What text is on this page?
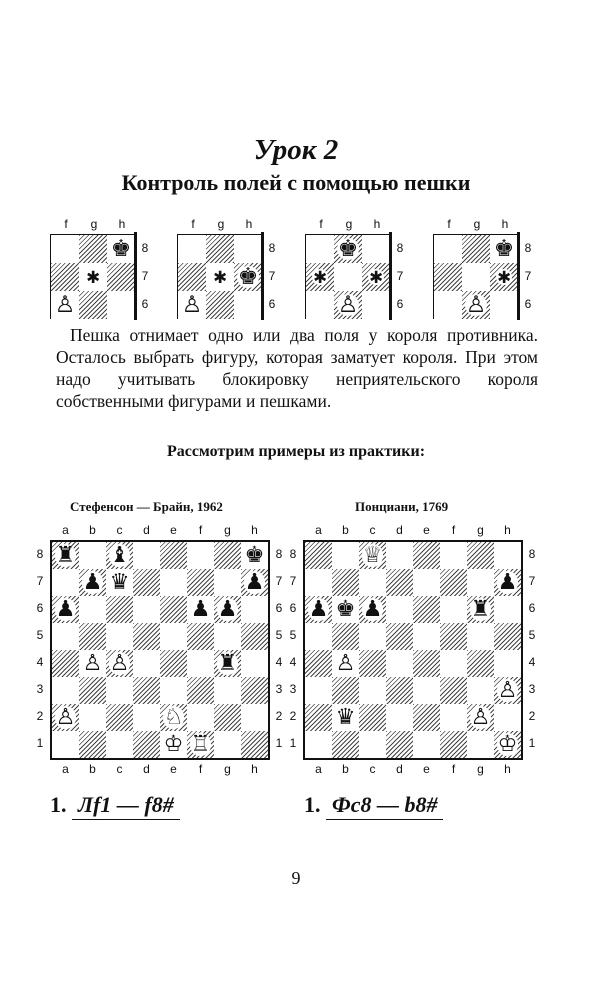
Урок 2
Контроль полей с помощью пешки
♚
✱
♙
f	g	h
8
7
6
♚
✱
♙
f	g	h
8
7
6
♚
✱ ✱
♙
f	g	h
8
7
6
♚
✱
♙
f	g	h
8
7
6

Пешка отнимает одно или два поля у короля противника. Осталось выбрать фигуру, которая заматует короля. При этом надо учитывать блокировку неприятельского короля собственными фигурами и пешками.

Рассмотрим примеры из практики:
Стефенсон — Брайн, 1962	Понциани, 1769
♜ ♝	♚
♟ ♛	♟
♟	♟ ♟
♙ ♙	♜
♙	♘
♔ ♖
a	b	c	d	e	f	g	h
a	b	c	d	e	f	g	h
8
7
6
5
4
3
2
1
8
7
6
5
4
3
2
1
♕
♟
♟ ♚ ♟	♜
♙
♙
♛	♙
♔
a	b	c	d	e	f	g	h
a	b	c	d	e	f	g	h
8
7
6
5
4
3
2
1
8
7
6
5
4
3
2
1
1. Лf1 — f8#	1. Фс8 — b8#
9
